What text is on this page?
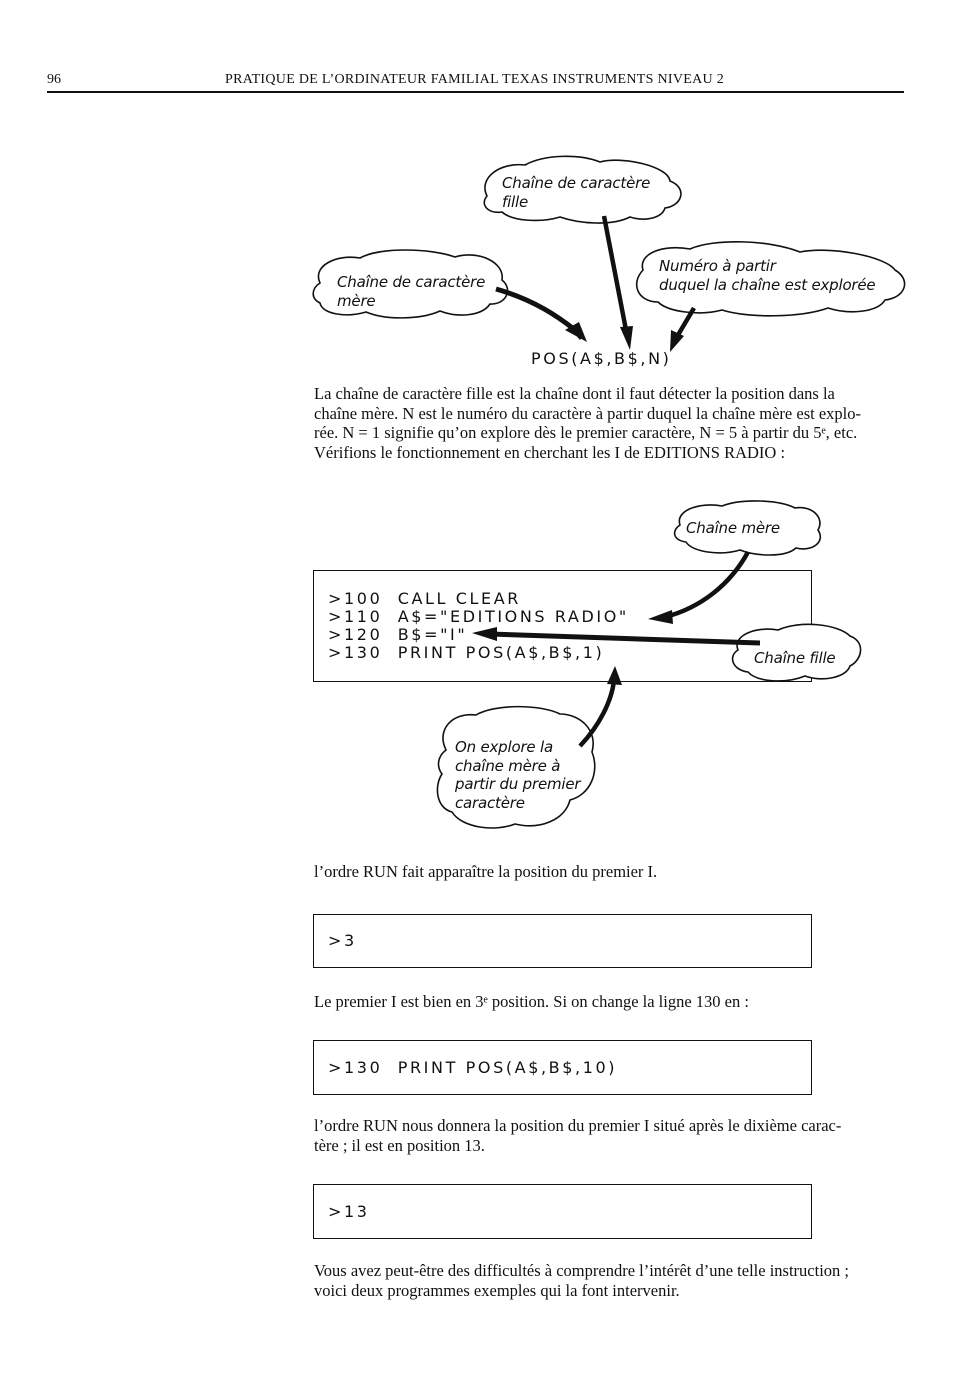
96	PRATIQUE DE L’ORDINATEUR FAMILIAL TEXAS INSTRUMENTS NIVEAU 2
Chaîne de caractère
fille
Chaîne de caractère
mère
Numéro à partir
duquel la chaîne est explorée
POS(A$,B$,N)
La chaîne de caractère fille est la chaîne dont il faut détecter la position dans la
chaîne mère. N est le numéro du caractère à partir duquel la chaîne mère est explo-
rée. N = 1 signifie qu’on explore dès le premier caractère, N = 5 à partir du 5ᵉ, etc.
Vérifions le fonctionnement en cherchant les I de EDITIONS RADIO :
>100  CALL CLEAR
>110  A$="EDITIONS RADIO"
>120  B$="I"
>130  PRINT POS(A$,B$,1)
Chaîne mère
Chaîne fille
On explore la
chaîne mère à
partir du premier
caractère
l’ordre RUN fait apparaître la position du premier I.
>3
Le premier I est bien en 3ᵉ position. Si on change la ligne 130 en :
>130  PRINT POS(A$,B$,10)
l’ordre RUN nous donnera la position du premier I situé après le dixième carac-
tère ; il est en position 13.
>13
Vous avez peut-être des difficultés à comprendre l’intérêt d’une telle instruction ;
voici deux programmes exemples qui la font intervenir.
